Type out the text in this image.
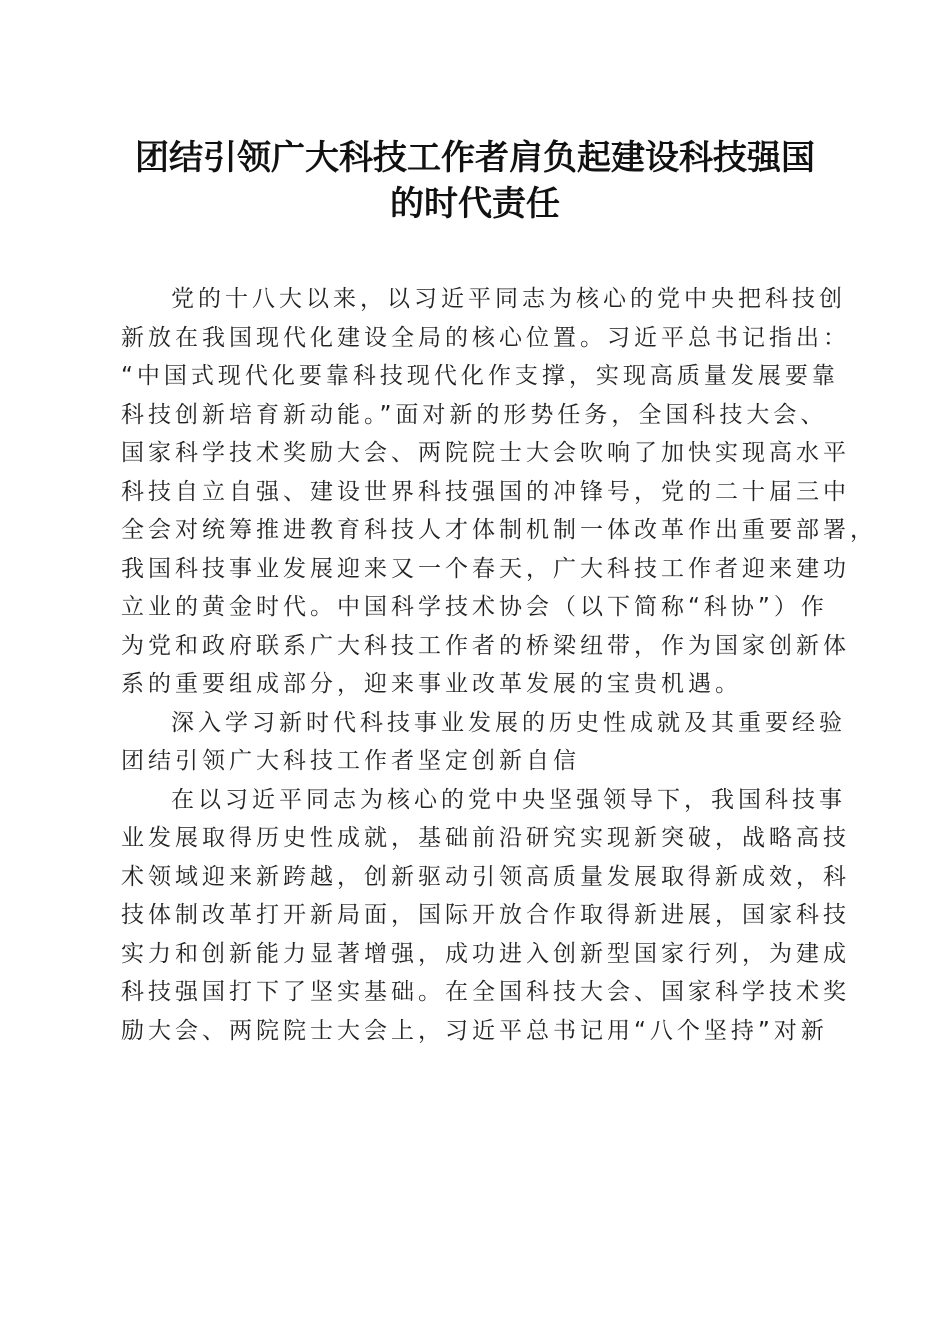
团结引领广大科技工作者肩负起建设科技强国
的时代责任
党的十八大以来，以习近平同志为核心的党中央把科技创
新放在我国现代化建设全局的核心位置。习近平总书记指出：
“中国式现代化要靠科技现代化作支撑，实现高质量发展要靠
科技创新培育新动能。”面对新的形势任务，全国科技大会、
国家科学技术奖励大会、两院院士大会吹响了加快实现高水平
科技自立自强、建设世界科技强国的冲锋号，党的二十届三中
全会对统筹推进教育科技人才体制机制一体改革作出重要部署，
我国科技事业发展迎来又一个春天，广大科技工作者迎来建功
立业的黄金时代。中国科学技术协会（以下简称“科协”）作
为党和政府联系广大科技工作者的桥梁纽带，作为国家创新体
系的重要组成部分，迎来事业改革发展的宝贵机遇。
深入学习新时代科技事业发展的历史性成就及其重要经验
团结引领广大科技工作者坚定创新自信
在以习近平同志为核心的党中央坚强领导下，我国科技事
业发展取得历史性成就，基础前沿研究实现新突破，战略高技
术领域迎来新跨越，创新驱动引领高质量发展取得新成效，科
技体制改革打开新局面，国际开放合作取得新进展，国家科技
实力和创新能力显著增强，成功进入创新型国家行列，为建成
科技强国打下了坚实基础。在全国科技大会、国家科学技术奖
励大会、两院院士大会上，习近平总书记用“八个坚持”对新
